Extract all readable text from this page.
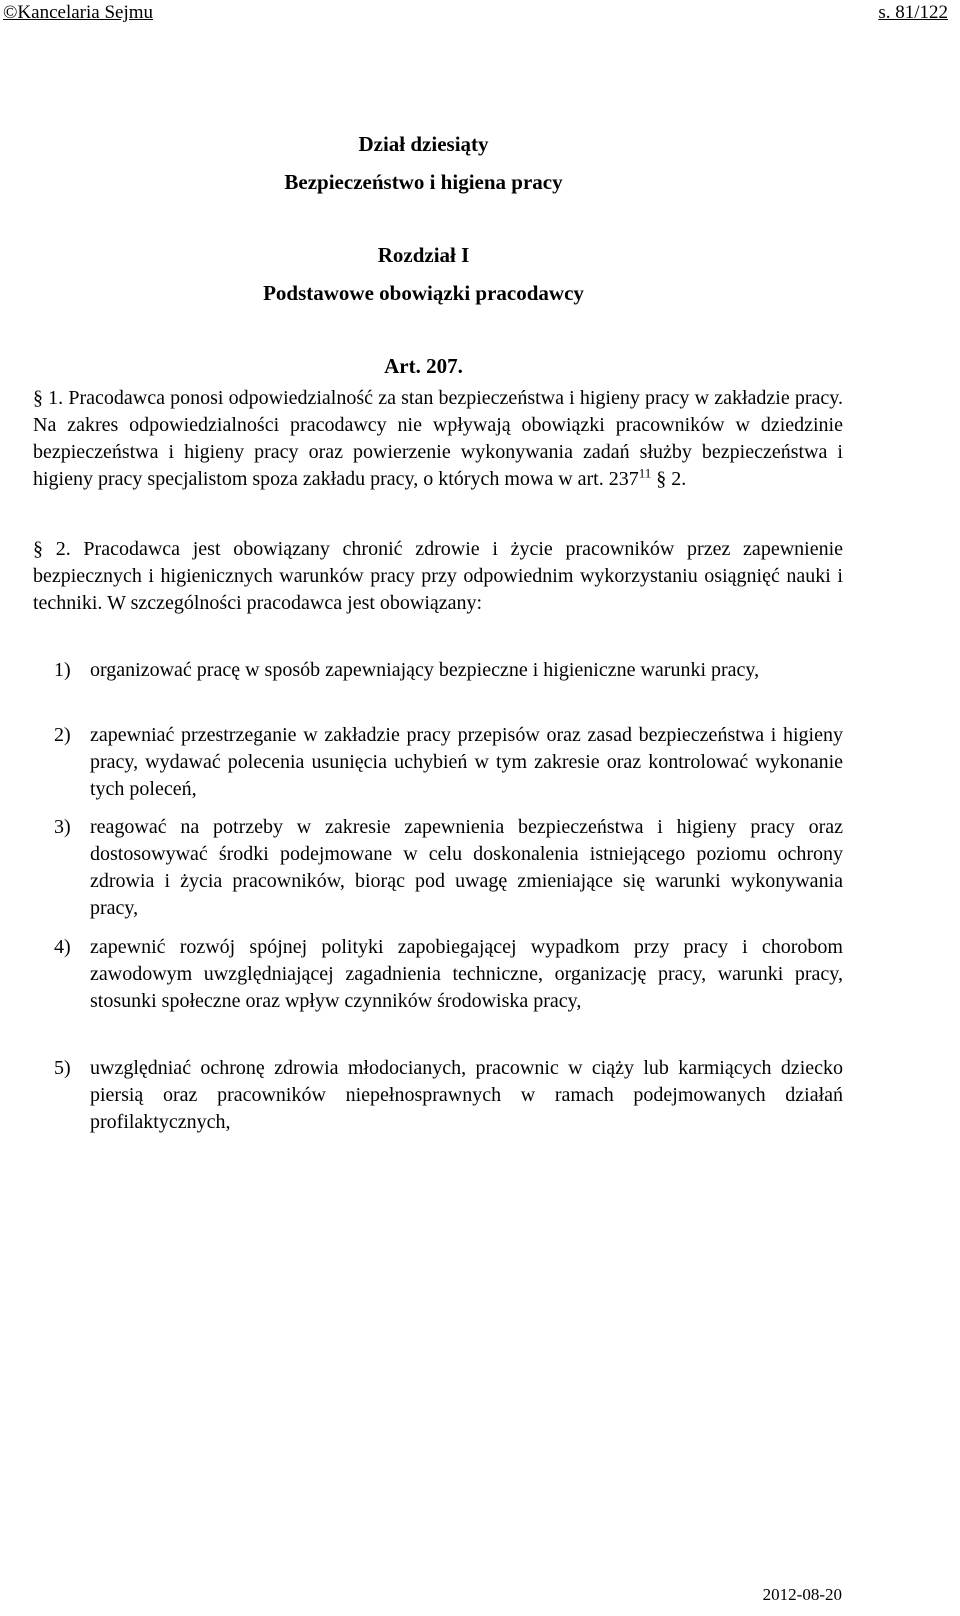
©Kancelaria Sejmu	s. 81/122
Dział dziesiąty
Bezpieczeństwo i higiena pracy
Rozdział I
Podstawowe obowiązki pracodawcy
Art. 207.
§ 1. Pracodawca ponosi odpowiedzialność za stan bezpieczeństwa i higieny pracy w zakładzie pracy. Na zakres odpowiedzialności pracodawcy nie wpływają obowiązki pracowników w dziedzinie bezpieczeństwa i higieny pracy oraz powierzenie wykonywania zadań służby bezpieczeństwa i higieny pracy specjalistom spoza zakładu pracy, o których mowa w art. $237^{11}$ § 2.
§ 2. Pracodawca jest obowiązany chronić zdrowie i życie pracowników przez zapewnienie bezpiecznych i higienicznych warunków pracy przy odpowiednim wykorzystaniu osiągnięć nauki i techniki. W szczególności pracodawca jest obowiązany:
1) organizować pracę w sposób zapewniający bezpieczne i higieniczne warunki pracy,
2) zapewniać przestrzeganie w zakładzie pracy przepisów oraz zasad bezpieczeństwa i higieny pracy, wydawać polecenia usunięcia uchybień w tym zakresie oraz kontrolować wykonanie tych poleceń,
3) reagować na potrzeby w zakresie zapewnienia bezpieczeństwa i higieny pracy oraz dostosowywać środki podejmowane w celu doskonalenia istniejącego poziomu ochrony zdrowia i życia pracowników, biorąc pod uwagę zmieniające się warunki wykonywania pracy,
4) zapewnić rozwój spójnej polityki zapobiegającej wypadkom przy pracy i chorobom zawodowym uwzględniającej zagadnienia techniczne, organizację pracy, warunki pracy, stosunki społeczne oraz wpływ czynników środowiska pracy,
5) uwzględniać ochronę zdrowia młodocianych, pracownic w ciąży lub karmiących dziecko piersią oraz pracowników niepełnosprawnych w ramach podejmowanych działań profilaktycznych,
2012-08-20
